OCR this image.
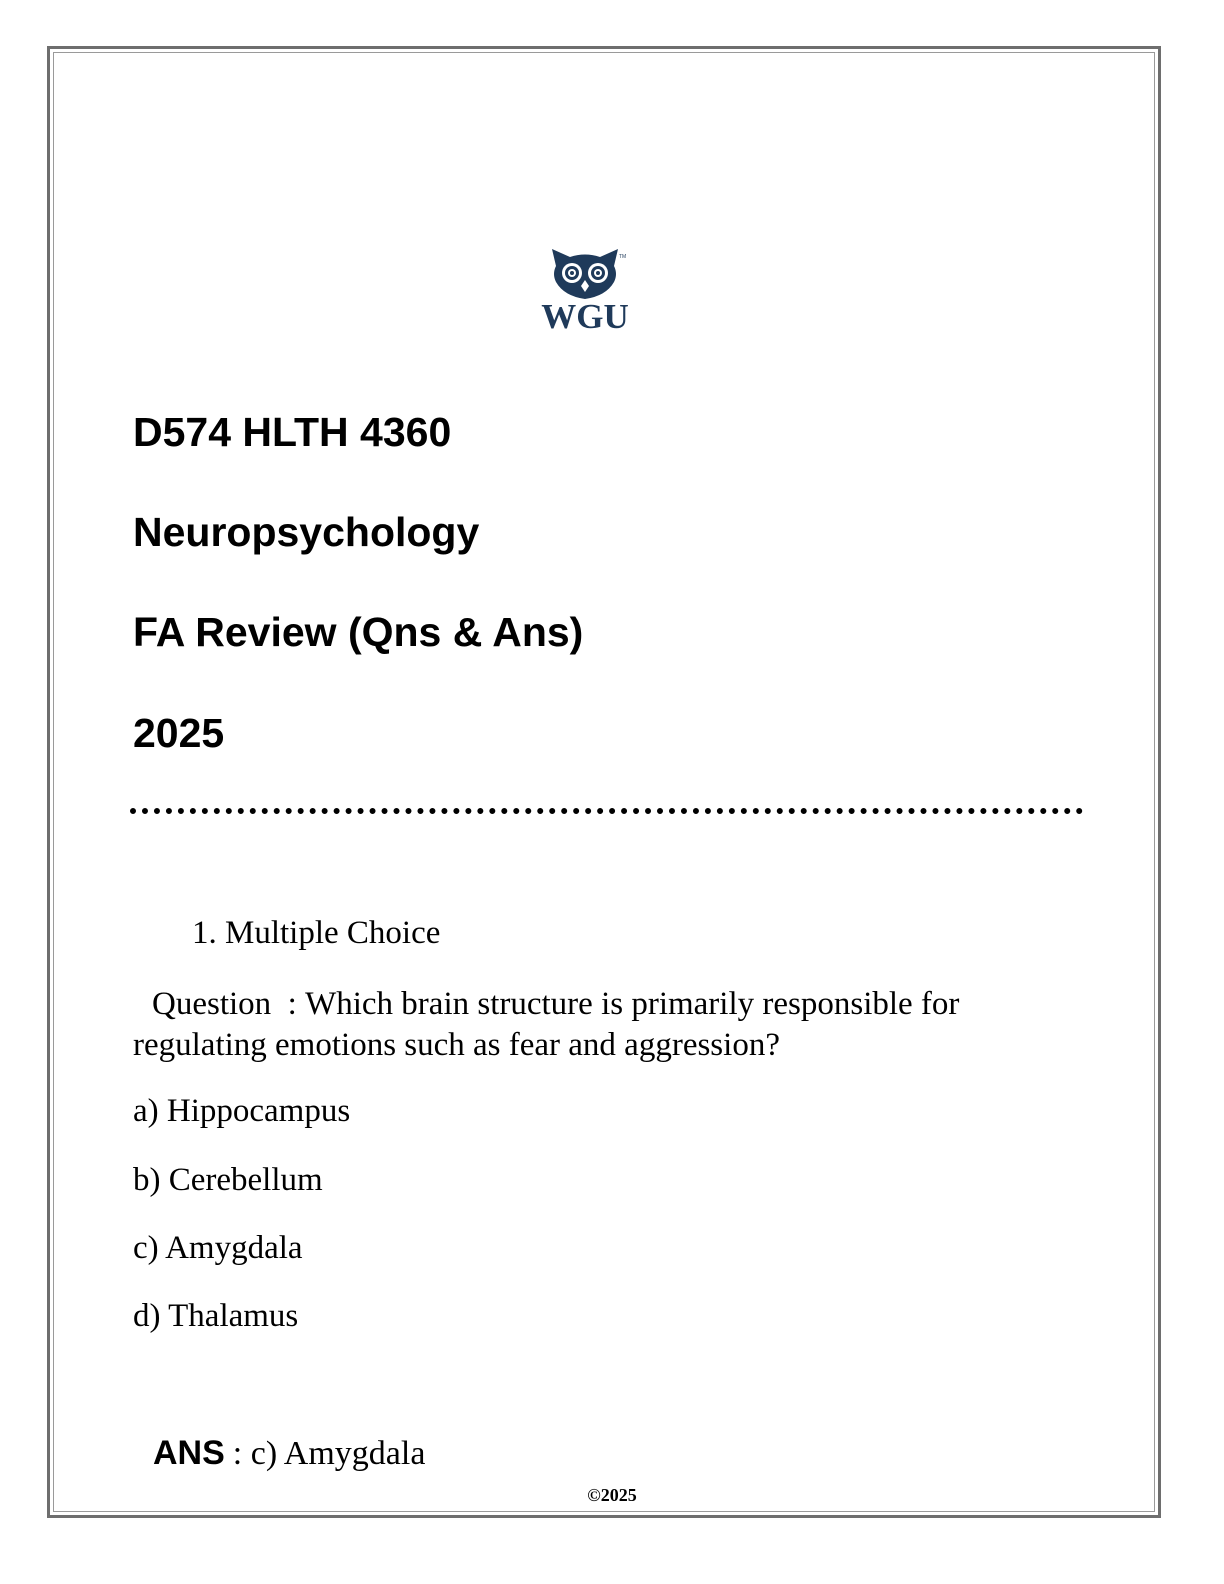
TM
WGU
D574 HLTH 4360
Neuropsychology
FA Review (Qns & Ans)
2025
1. Multiple Choice
Question : Which brain structure is primarily responsible for regulating emotions such as fear and aggression?
a) Hippocampus
b) Cerebellum
c) Amygdala
d) Thalamus
ANS : c) Amygdala
©2025
